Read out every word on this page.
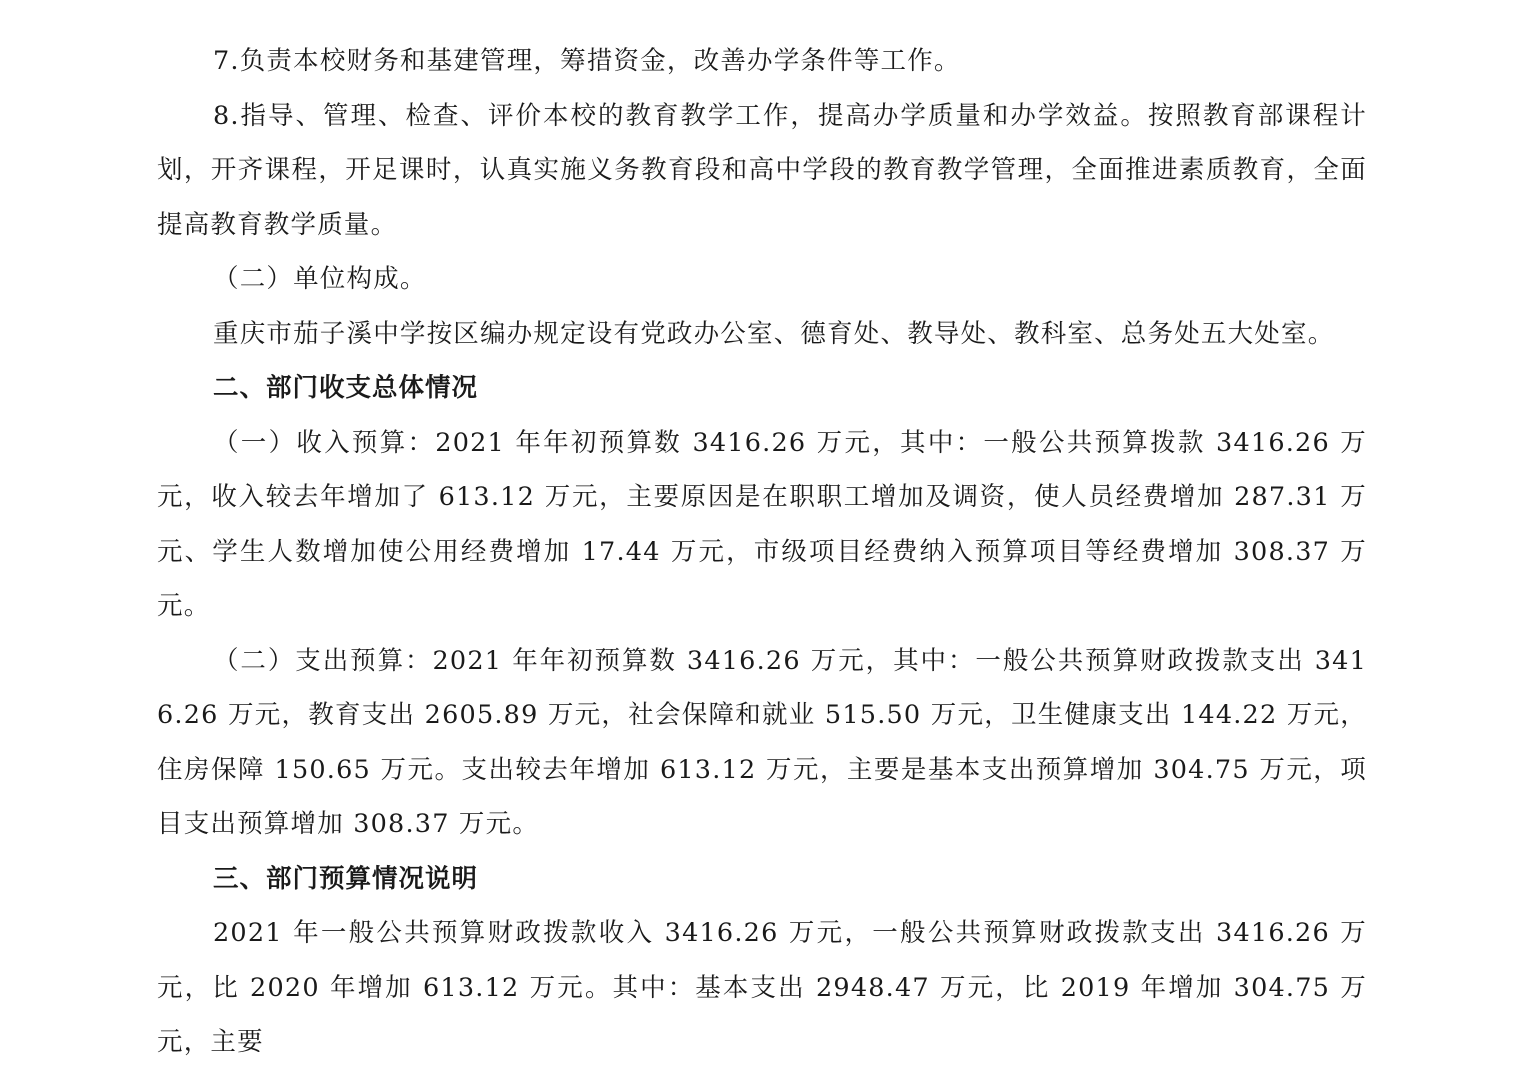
7.负责本校财务和基建管理，筹措资金，改善办学条件等工作。

8.指导、管理、检查、评价本校的教育教学工作，提高办学质量和办学效益。按照教育部课程计划，开齐课程，开足课时，认真实施义务教育段和高中学段的教育教学管理，全面推进素质教育，全面提高教育教学质量。

（二）单位构成。

重庆市茄子溪中学按区编办规定设有党政办公室、德育处、教导处、教科室、总务处五大处室。

二、部门收支总体情况

（一）收入预算：2021 年年初预算数 3416.26 万元，其中：一般公共预算拨款 3416.26 万元，收入较去年增加了 613.12 万元，主要原因是在职职工增加及调资，使人员经费增加 287.31 万元、学生人数增加使公用经费增加 17.44 万元，市级项目经费纳入预算项目等经费增加 308.37 万元。

（二）支出预算：2021 年年初预算数 3416.26 万元，其中：一般公共预算财政拨款支出 3416.26 万元，教育支出 2605.89 万元，社会保障和就业 515.50 万元，卫生健康支出 144.22 万元，住房保障 150.65 万元。支出较去年增加 613.12 万元，主要是基本支出预算增加 304.75 万元，项目支出预算增加 308.37 万元。

三、部门预算情况说明

2021 年一般公共预算财政拨款收入 3416.26 万元，一般公共预算财政拨款支出 3416.26 万元，比 2020 年增加 613.12 万元。其中：基本支出 2948.47 万元，比 2019 年增加 304.75 万元，主要
